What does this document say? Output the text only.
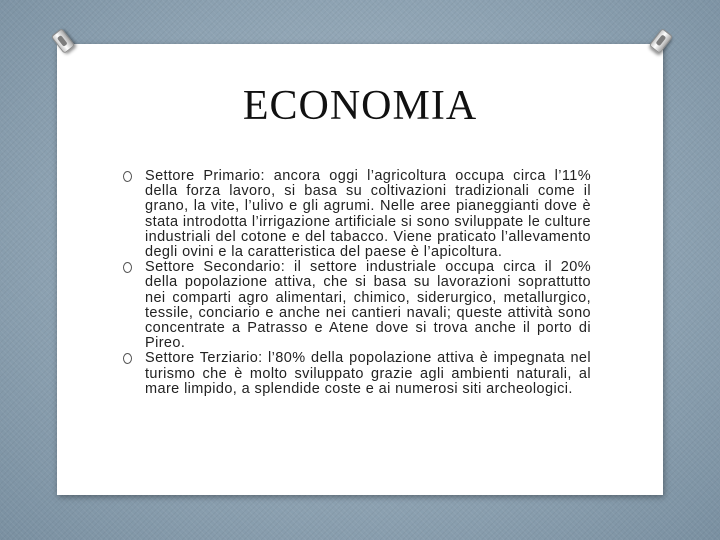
ECONOMIA
Settore Primario: ancora oggi l’agricoltura occupa circa l’11% della forza lavoro, si basa su coltivazioni tradizionali come il grano, la vite, l’ulivo e gli agrumi. Nelle aree pianeggianti dove è stata introdotta l’irrigazione artificiale si sono sviluppate le culture industriali del cotone e del tabacco. Viene praticato l’allevamento degli ovini e la caratteristica del paese è l’apicoltura.
Settore Secondario: il settore industriale occupa circa il 20% della popolazione attiva, che si basa su lavorazioni soprattutto nei comparti agro alimentari, chimico, siderurgico, metallurgico, tessile, conciario e anche nei cantieri navali; queste attività sono concentrate a Patrasso e Atene dove si trova anche il porto di Pireo.
Settore Terziario: l’80% della popolazione attiva è impegnata nel turismo che è molto sviluppato grazie agli ambienti naturali, al mare limpido, a splendide coste e ai numerosi siti archeologici.
